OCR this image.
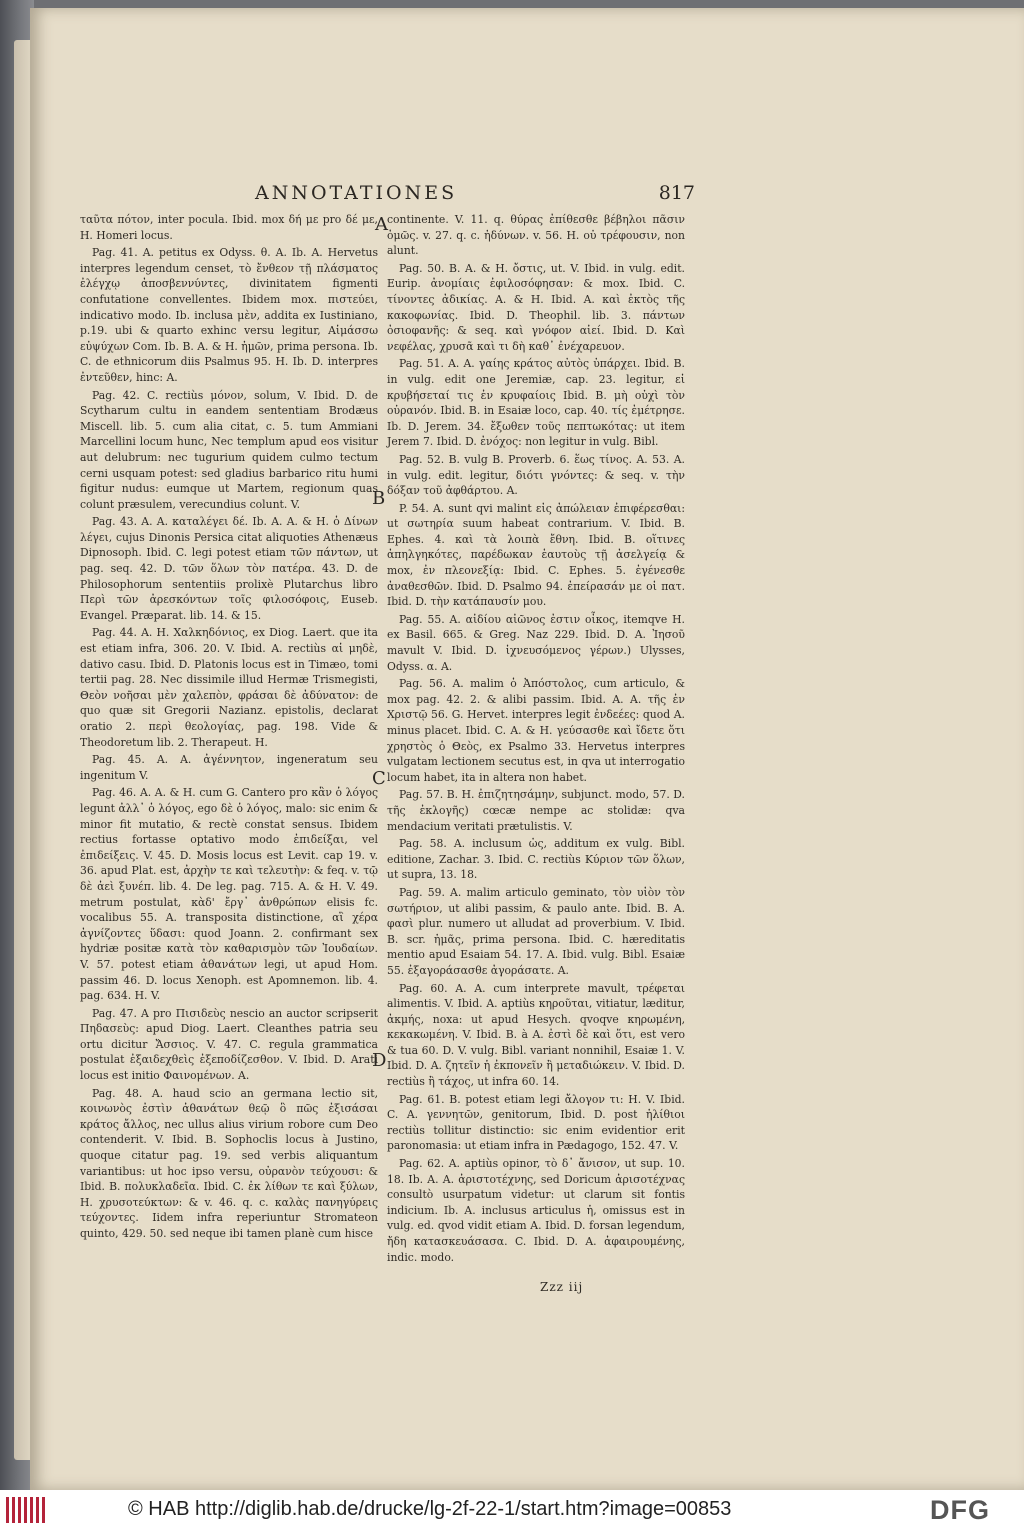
ANNOTATIONES	817

ταῦτα πότον, inter pocula. Ibid. mox δή με pro δέ με, H. Homeri locus.

Pag. 41. A. petitus ex Odyss. θ. A. Ib. A. Hervetus interpres legendum censet, τὸ ἔνθεον τῇ πλάσματος ἐλέγχῳ ἀποσβεννύντες, divinitatem figmenti confutatione convellentes. Ibidem mox. πιστεύει, indicativo modo. Ib. inclusa μὲν, addita ex Iustiniano, p.19. ubi & quarto exhinc versu legitur, Αἱμάσσω εὐψύχων Com. Ib. B. A. & H. ἡμῶν, prima persona. Ib. C. de ethnicorum diis Psalmus 95. H. Ib. D. interpres ἐντεῦθεν, hinc: A.

Pag. 42. C. rectiùs μόνον, solum, V. Ibid. D. de Scytharum cultu in eandem sententiam Brodæus Miscell. lib. 5. cum alia citat, c. 5. tum Ammiani Marcellini locum hunc, Nec templum apud eos visitur aut delubrum: nec tugurium quidem culmo tectum cerni usquam potest: sed gladius barbarico ritu humi figitur nudus: eumque ut Martem, regionum quas colunt præsulem, verecundius colunt. V.

Pag. 43. A. A. καταλέγει δέ. Ib. A. A. & H. ὁ Δίνων λέγει, cujus Dinonis Persica citat aliquoties Athenæus Dipnosoph. Ibid. C. legi potest etiam τῶν πάντων, ut pag. seq. 42. D. τῶν ὅλων τὸν πατέρα. 43. D. de Philosophorum sententiis prolixè Plutarchus libro Περὶ τῶν ἀρεσκόντων τοῖς φιλοσόφοις, Euseb. Evangel. Præparat. lib. 14. & 15.

Pag. 44. A. H. Χαλκηδόνιος, ex Diog. Laert. que ita est etiam infra, 306. 20. V. Ibid. A. rectiùs αἱ μηδὲ, dativo casu. Ibid. D. Platonis locus est in Timæo, tomi tertii pag. 28. Nec dissimile illud Hermæ Trismegisti, Θεὸν νοῆσαι μὲν χαλεπὸν, φράσαι δὲ ἀδύνατον: de quo quæ sit Gregorii Nazianz. epistolis, declarat oratio 2. περὶ θεολογίας, pag. 198. Vide & Theodoretum lib. 2. Therapeut. H.

Pag. 45. A. A. ἀγέννητον, ingeneratum seu ingenitum V.

Pag. 46. A. A. & H. cum G. Cantero pro κἂν ὁ λόγος legunt ἀλλ᾽ ὁ λόγος, ego δὲ ὁ λόγος, malo: sic enim & minor fit mutatio, & rectè constat sensus. Ibidem rectius fortasse optativo modo ἐπιδείξαι, vel ἐπιδείξεις. V. 45. D. Mosis locus est Levit. cap 19. v. 36. apud Plat. est, ἀρχὴν τε καὶ τελευτὴν: & feq. v. τῷ δὲ ἀεὶ ξυνέπ. lib. 4. De leg. pag. 715. A. & H. V. 49. metrum postulat, κὰδ' ἔργ᾽ ἀνθρώπων elisis fc. vocalibus 55. A. transposita distinctione, αἳ χέρα ἀγνίζοντες ὕδασι: quod Joann. 2. confirmant sex hydriæ positæ κατὰ τὸν καθαρισμὸν τῶν Ἰουδαίων. V. 57. potest etiam ἀθανάτων legi, ut apud Hom. passim 46. D. locus Xenoph. est Apomnemon. lib. 4. pag. 634. H. V.

Pag. 47. A pro Πισιδεὺς nescio an auctor scripserit Πηδασεὺς: apud Diog. Laert. Cleanthes patria seu ortu dicitur Ἄσσιος. V. 47. C. regula grammatica postulat ἐξαιδεχθεὶς ἐξεποδίζεσθον. V. Ibid. D. Arati locus est initio Φαινομένων. A.

Pag. 48. A. haud scio an germana lectio sit, κοινωνὸς ἐστὶν ἀθανάτων θεῷ ὃ πῶς ἐξισάσαι κράτος ἄλλος, nec ullus alius virium robore cum Deo contenderit. V. Ibid. B. Sophoclis locus à Justino, quoque citatur pag. 19. sed verbis aliquantum variantibus: ut hoc ipso versu, οὐρανὸν τεύχουσι: & Ibid. B. πολυκλαδεῖα. Ibid. C. ἐκ λίθων τε καὶ ξύλων, H. χρυσοτεύκτων: & v. 46. q. c. καλὰς πανηγύρεις τεύχοντες. Iidem infra reperiuntur Stromateon quinto, 429. 50. sed neque ibi tamen planè cum hisce

continente. V. 11. q. θύρας ἐπίθεσθε βέβηλοι πᾶσιν ὁμῶς. v. 27. q. c. ἡδύνων. v. 56. H. οὐ τρέφουσιν, non alunt.

Pag. 50. B. A. & H. ὄστις, ut. V. Ibid. in vulg. edit. Eurip. ἀνομίαις ἐφιλοσόφησαν: & mox. Ibid. C. τίνοντες ἀδικίας. A. & H. Ibid. A. καὶ ἐκτὸς τῆς κακοφωνίας. Ibid. D. Theophil. lib. 3. πάντων ὀσιοφανῆς: & seq. καὶ γνόφον αἰεί. Ibid. D. Καὶ νεφέλας, χρυσᾶ καὶ τι δὴ καθ᾽ ἐνέχαρευον.

Pag. 51. A. A. γαίης κράτος αὐτὸς ὑπάρχει. Ibid. B. in vulg. edit one Jeremiæ, cap. 23. legitur, εἰ κρυβήσεταί τις ἐν κρυφαίοις Ibid. B. μὴ οὐχὶ τὸν οὐρανόν. Ibid. B. in Esaiæ loco, cap. 40. τίς ἐμέτρησε. Ib. D. Jerem. 34. ἔξωθεν τοῦς πεπτωκότας: ut item Jerem 7. Ibid. D. ἐνόχος: non legitur in vulg. Bibl.

Pag. 52. B. vulg B. Proverb. 6. ἕως τίνος. A. 53. A. in vulg. edit. legitur, διότι γνόντες: & seq. v. τὴν δόξαν τοῦ ἀφθάρτου. A.

P. 54. A. sunt qvi malint εἰς ἀπώλειαν ἐπιφέρεσθαι: ut σωτηρία suum habeat contrarium. V. Ibid. B. Ephes. 4. καὶ τὰ λοιπὰ ἔθνη. Ibid. B. οἵτινες ἀπηλγηκότες, παρέδωκαν ἑαυτοὺς τῇ ἀσελγείᾳ & mox, ἐν πλεονεξίᾳ: Ibid. C. Ephes. 5. ἐγένεσθε ἀναθεσθῶν. Ibid. D. Psalmo 94. ἐπείρασάν με οἱ πατ. Ibid. D. τὴν κατάπαυσίν μου.

Pag. 55. A. αἰδίου αἰῶνος ἐστιν οἶκος, itemqve H. ex Basil. 665. & Greg. Naz 229. Ibid. D. A. Ἰησοῦ mavult V. Ibid. D. ἰχνευσόμενος γέρων.) Ulysses, Odyss. α. A.

Pag. 56. A. malim ὁ Ἀπόστολος, cum articulo, & mox pag. 42. 2. & alibi passim. Ibid. A. A. τῆς ἐν Χριστῷ 56. G. Hervet. interpres legit ἐνδεέες: quod A. minus placet. Ibid. C. A. & H. γεύσασθε καὶ ἴδετε ὅτι χρηστὸς ὁ Θεὸς, ex Psalmo 33. Hervetus interpres vulgatam lectionem secutus est, in qva ut interrogatio locum habet, ita in altera non habet.

Pag. 57. B. H. ἐπιζητησάμην, subjunct. modo, 57. D. τῆς ἐκλογῆς) cœcæ nempe ac stolidæ: qva mendacium veritati prætulistis. V.

Pag. 58. A. inclusum ὡς, additum ex vulg. Bibl. editione, Zachar. 3. Ibid. C. rectiùs Κύριον τῶν ὅλων, ut supra, 13. 18.

Pag. 59. A. malim articulo geminato, τὸν υἱὸν τὸν σωτήριον, ut alibi passim, & paulo ante. Ibid. B. A. φασὶ plur. numero ut alludat ad proverbium. V. Ibid. B. scr. ἡμᾶς, prima persona. Ibid. C. hæreditatis mentio apud Esaiam 54. 17. A. Ibid. vulg. Bibl. Esaiæ 55. ἐξαγοράσασθε ἀγοράσατε. A.

Pag. 60. A. A. cum interprete mavult, τρέφεται alimentis. V. Ibid. A. aptiùs κηροῦται, vitiatur, læditur, ἀκμής, noxa: ut apud Hesych. qvoqve κηρωμένη, κεκακωμένη. V. Ibid. B. à A. ἐστὶ δὲ καὶ ὅτι, est vero & tua 60. D. V. vulg. Bibl. variant nonnihil, Esaiæ 1. V. Ibid. D. A. ζητεῖν ἡ ἐκπονεῖν ἢ μεταδιώκειν. V. Ibid. D. rectiùs ἢ τάχος, ut infra 60. 14.

Pag. 61. B. potest etiam legi ἄλογον τι: H. V. Ibid. C. A. γεννητῶν, genitorum, Ibid. D. post ἡλίθιοι rectiùs tollitur distinctio: sic enim evidentior erit paronomasia: ut etiam infra in Pædagogo, 152. 47. V.

Pag. 62. A. aptiùs opinor, τὸ δ᾽ ἄνισον, ut sup. 10. 18. Ib. A. A. ἀριστοτέχνης, sed Doricum ἀρισοτέχνας consultò usurpatum videtur: ut clarum sit fontis indicium. Ib. A. inclusus articulus ἡ, omissus est in vulg. ed. qvod vidit etiam A. Ibid. D. forsan legendum, ἤδη κατασκευάσασα. C. Ibid. D. A. ἀφαιρουμένης, indic. modo.

A
B
C
D
Zzz iij
© HAB http://diglib.hab.de/drucke/lg-2f-22-1/start.htm?image=00853	DFG
